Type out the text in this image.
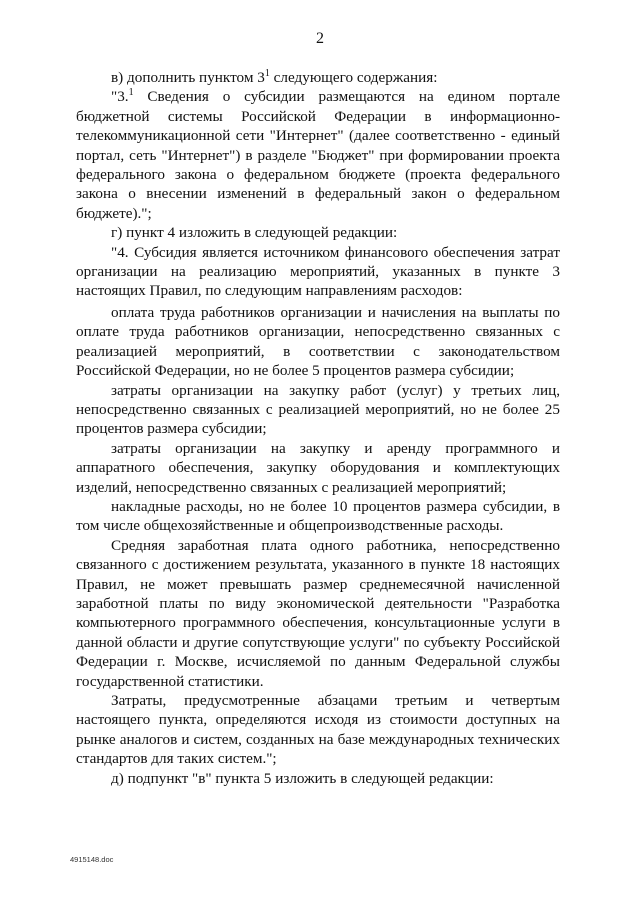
2

в) дополнить пунктом $3^1$ следующего содержания:

"3.$^1$ Сведения о субсидии размещаются на едином портале бюджетной системы Российской Федерации в информационно-телекоммуникационной сети "Интернет" (далее соответственно - единый портал, сеть "Интернет") в разделе "Бюджет" при формировании проекта федерального закона о федеральном бюджете (проекта федерального закона о внесении изменений в федеральный закон о федеральном бюджете).";

г) пункт 4 изложить в следующей редакции:

"4. Субсидия является источником финансового обеспечения затрат организации на реализацию мероприятий, указанных в пункте 3 настоящих Правил, по следующим направлениям расходов:

оплата труда работников организации и начисления на выплаты по оплате труда работников организации, непосредственно связанных с реализацией мероприятий, в соответствии с законодательством Российской Федерации, но не более 5 процентов размера субсидии;

затраты организации на закупку работ (услуг) у третьих лиц, непосредственно связанных с реализацией мероприятий, но не более 25 процентов размера субсидии;

затраты организации на закупку и аренду программного и аппаратного обеспечения, закупку оборудования и комплектующих изделий, непосредственно связанных с реализацией мероприятий;

накладные расходы, но не более 10 процентов размера субсидии, в том числе общехозяйственные и общепроизводственные расходы.

Средняя заработная плата одного работника, непосредственно связанного с достижением результата, указанного в пункте 18 настоящих Правил, не может превышать размер среднемесячной начисленной заработной платы по виду экономической деятельности "Разработка компьютерного программного обеспечения, консультационные услуги в данной области и другие сопутствующие услуги" по субъекту Российской Федерации г. Москве, исчисляемой по данным Федеральной службы государственной статистики.

Затраты, предусмотренные абзацами третьим и четвертым настоящего пункта, определяются исходя из стоимости доступных на рынке аналогов и систем, созданных на базе международных технических стандартов для таких систем.";

д) подпункт "в" пункта 5 изложить в следующей редакции:

4915148.doc
